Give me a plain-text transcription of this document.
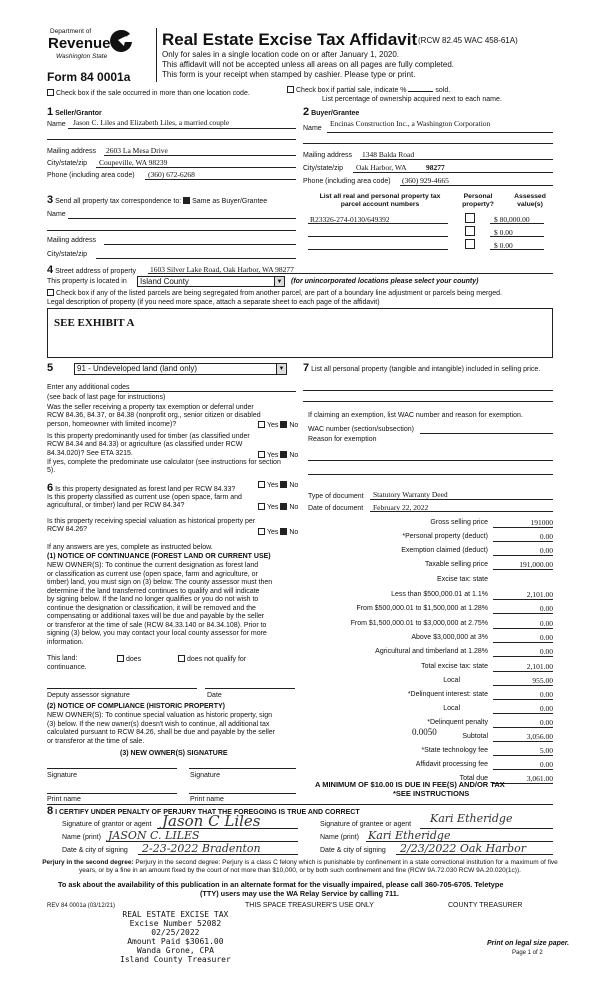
Department of
Revenue
Washington State
Form 84 0001a
Real Estate Excise Tax Affidavit (RCW 82.45 WAC 458-61A)
Only for sales in a single location code on or after January 1, 2020.
This affidavit will not be accepted unless all areas on all pages are fully completed.
This form is your receipt when stamped by cashier. Please type or print.
Check box if the sale occurred in more than one location code.	Check box if partial sale, indicate %	sold.
List percentage of ownership acquired next to each name.
1 Seller/Grantor
Name Jason C. Liles and Elizabeth Liles, a married couple
Mailing address 2603 La Mesa Drive
City/state/zip Coupeville, WA 98239
Phone (including area code) (360) 672-6268
2 Buyer/Grantee
Encinas Construction Inc., a Washington Corporation
Name
Mailing address 1348 Balda Road
City/state/zip Oak Harbor, WA	98277
Phone (including area code) (360) 929-4665
3 Send all property tax correspondence to: Same as Buyer/Grantee
Name
Mailing address
City/state/zip
List all real and personal property tax parcel account numbers
Personal property?
Assessed value(s)
R23326-274-0130/649392	$ 80,000.00
$ 0.00
$ 0.00
4 Street address of property 1603 Silver Lake Road, Oak Harbor, WA 98277
This property is located in	Island County	▼ (for unincorporated locations please select your county)
Check box if any of the listed parcels are being segregated from another parcel, are part of a boundary line adjustment or parcels being merged.
Legal description of property (if you need more space, attach a separate sheet to each page of the affidavit)
SEE EXHIBIT A
5	91 - Undeveloped land (land only)	▼
Enter any additional codes
(see back of last page for instructions)
Was the seller receiving a property tax exemption or deferral under RCW 84.36, 84.37, or 84.38 (nonprofit org., senior citizen or disabled person, homeowner with limited income)?	Yes No
Is this property predominantly used for timber (as classified under RCW 84.34 and 84.33) or agriculture (as classified under RCW 84.34.020)? See ETA 3215.	Yes No
If yes, complete the predominate use calculator (see instructions for section 5).
6 Is this property designated as forest land per RCW 84.33?
Yes No
Is this property classified as current use (open space, farm and agricultural, or timber) land per RCW 84.34?	Yes No
Is this property receiving special valuation as historical property per RCW 84.26?	Yes No
If any answers are yes, complete as instructed below.
(1) NOTICE OF CONTINUANCE (FOREST LAND OR CURRENT USE)
NEW OWNER(S): To continue the current designation as forest land
or classification as current use (open space, farm and agriculture, or
timber) land, you must sign on (3) below. The county assessor must then
determine if the land transferred continues to qualify and will indicate
by signing below. If the land no longer qualifies or you do not wish to
continue the designation or classification, it will be removed and the
compensating or additional taxes will be due and payable by the seller
or transferor at the time of sale (RCW 84.33.140 or 84.34.108). Prior to
signing (3) below, you may contact your local county assessor for more
information.
This land:	does	does not qualify for
continuance.
Deputy assessor signature	Date
(2) NOTICE OF COMPLIANCE (HISTORIC PROPERTY)
NEW OWNER(S): To continue special valuation as historic property, sign
(3) below. If the new owner(s) doesn't wish to continue, all additional tax
calculated pursuant to RCW 84.26, shall be due and payable by the seller
or transferor at the time of sale.
(3) NEW OWNER(S) SIGNATURE
Signature	Signature
Print name	Print name
7 List all personal property (tangible and intangible) included in selling price.
If claiming an exemption, list WAC number and reason for exemption.
WAC number (section/subsection)
Reason for exemption
Type of document Statutory Warranty Deed
Date of document February 22, 2022
Gross selling price	191000
*Personal property (deduct)	0.00
Exemption claimed (deduct)	0.00
Taxable selling price	191,000.00
Excise tax: state
Less than $500,000.01 at 1.1%	2,101.00
From $500,000.01 to $1,500,000 at 1.28%	0.00
From $1,500,000.01 to $3,000,000 at 2.75%	0.00
Above $3,000,000 at 3%	0.00
Agricultural and timberland at 1.28%	0.00
Total excise tax: state	2,101.00
Local	955.00
*Delinquent interest: state	0.00
Local	0.00
*Delinquent penalty	0.00
Subtotal	3,056.00
*State technology fee	5.00
Affidavit processing fee	0.00
Total due	3,061.00
0.0050
A MINIMUM OF $10.00 IS DUE IN FEE(S) AND/OR TAX
*SEE INSTRUCTIONS
8 I CERTIFY UNDER PENALTY OF PERJURY THAT THE FOREGOING IS TRUE AND CORRECT
Signature of grantor or agent Jason C Liles
Name (print) JASON C. LILES
Date & city of signing 2-23-2022 Bradenton
Signature of grantee or agent Kari Etheridge
Name (print) Kari Etheridge
Date & city of signing 2/23/2022 Oak Harbor
Perjury in the second degree: Perjury in the second degree: Perjury is a class C felony which is punishable by confinement in a state correctional institution for a maximum of five years, or by a fine in an amount fixed by the court of not more than $10,000, or by both such confinement and fine (RCW 9A.72.030 RCW 9A.20.020(1c)).
To ask about the availability of this publication in an alternate format for the visually impaired, please call 360-705-6705. Teletype
(TTY) users may use the WA Relay Service by calling 711.
REV 84 0001a (03/12/21)	THIS SPACE TREASURER'S USE ONLY	COUNTY TREASURER
REAL ESTATE EXCISE TAX
Excise Number 52082
02/25/2022
Amount Paid $3061.00
Wanda Grone, CPA
Island County Treasurer
Print on legal size paper.
Page 1 of 2
